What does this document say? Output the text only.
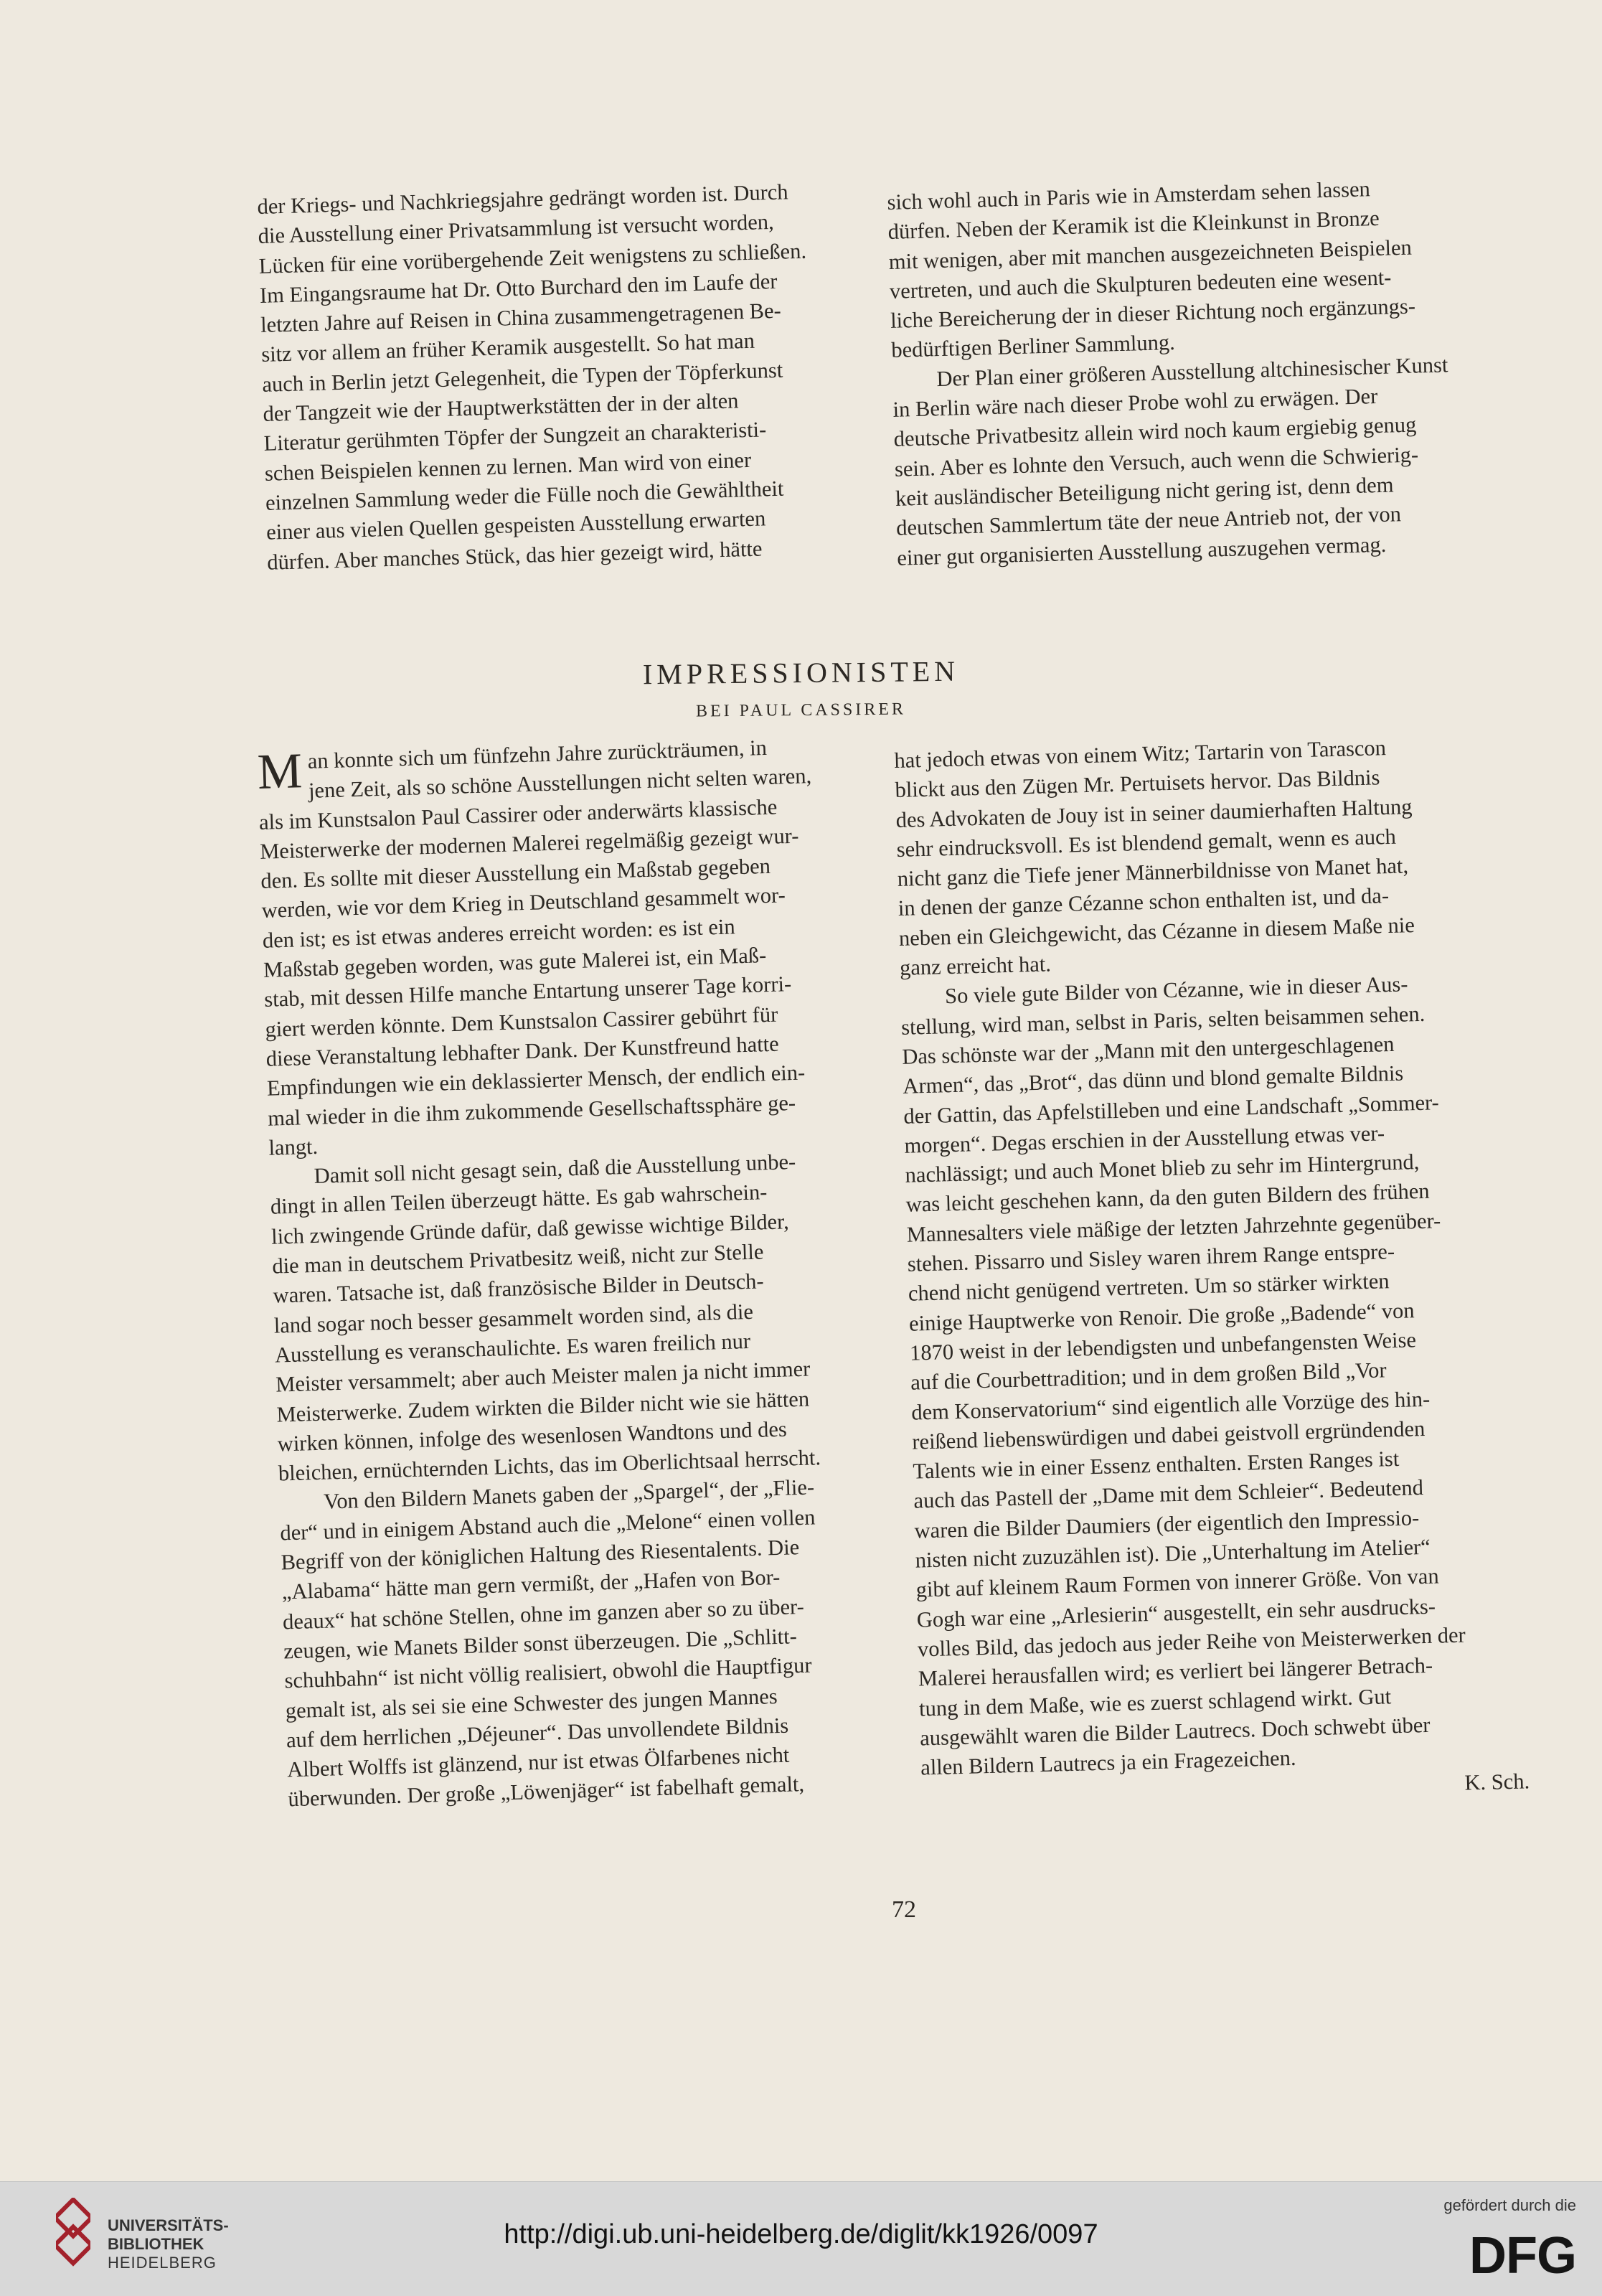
der Kriegs- und Nachkriegsjahre gedrängt worden ist. Durch
die Ausstellung einer Privatsammlung ist versucht worden,
Lücken für eine vorübergehende Zeit wenigstens zu schließen.
Im Eingangsraume hat Dr. Otto Burchard den im Laufe der
letzten Jahre auf Reisen in China zusammengetragenen Be-
sitz vor allem an früher Keramik ausgestellt. So hat man
auch in Berlin jetzt Gelegenheit, die Typen der Töpferkunst
der Tangzeit wie der Hauptwerkstätten der in der alten
Literatur gerühmten Töpfer der Sungzeit an charakteristi-
schen Beispielen kennen zu lernen. Man wird von einer
einzelnen Sammlung weder die Fülle noch die Gewähltheit
einer aus vielen Quellen gespeisten Ausstellung erwarten
dürfen. Aber manches Stück, das hier gezeigt wird, hätte

sich wohl auch in Paris wie in Amsterdam sehen lassen
dürfen. Neben der Keramik ist die Kleinkunst in Bronze
mit wenigen, aber mit manchen ausgezeichneten Beispielen
vertreten, und auch die Skulpturen bedeuten eine wesent-
liche Bereicherung der in dieser Richtung noch ergänzungs-
bedürftigen Berliner Sammlung.

Der Plan einer größeren Ausstellung altchinesischer Kunst
in Berlin wäre nach dieser Probe wohl zu erwägen. Der
deutsche Privatbesitz allein wird noch kaum ergiebig genug
sein. Aber es lohnte den Versuch, auch wenn die Schwierig-
keit ausländischer Beteiligung nicht gering ist, denn dem
deutschen Sammlertum täte der neue Antrieb not, der von
einer gut organisierten Ausstellung auszugehen vermag.

IMPRESSIONISTEN
BEI PAUL CASSIRER

Man konnte sich um fünfzehn Jahre zurückträumen, in
jene Zeit, als so schöne Ausstellungen nicht selten waren,
als im Kunstsalon Paul Cassirer oder anderwärts klassische
Meisterwerke der modernen Malerei regelmäßig gezeigt wur-
den. Es sollte mit dieser Ausstellung ein Maßstab gegeben
werden, wie vor dem Krieg in Deutschland gesammelt wor-
den ist; es ist etwas anderes erreicht worden: es ist ein
Maßstab gegeben worden, was gute Malerei ist, ein Maß-
stab, mit dessen Hilfe manche Entartung unserer Tage korri-
giert werden könnte. Dem Kunstsalon Cassirer gebührt für
diese Veranstaltung lebhafter Dank. Der Kunstfreund hatte
Empfindungen wie ein deklassierter Mensch, der endlich ein-
mal wieder in die ihm zukommende Gesellschaftssphäre ge-
langt.

Damit soll nicht gesagt sein, daß die Ausstellung unbe-
dingt in allen Teilen überzeugt hätte. Es gab wahrschein-
lich zwingende Gründe dafür, daß gewisse wichtige Bilder,
die man in deutschem Privatbesitz weiß, nicht zur Stelle
waren. Tatsache ist, daß französische Bilder in Deutsch-
land sogar noch besser gesammelt worden sind, als die
Ausstellung es veranschaulichte. Es waren freilich nur
Meister versammelt; aber auch Meister malen ja nicht immer
Meisterwerke. Zudem wirkten die Bilder nicht wie sie hätten
wirken können, infolge des wesenlosen Wandtons und des
bleichen, ernüchternden Lichts, das im Oberlichtsaal herrscht.

Von den Bildern Manets gaben der „Spargel“, der „Flie-
der“ und in einigem Abstand auch die „Melone“ einen vollen
Begriff von der königlichen Haltung des Riesentalents. Die
„Alabama“ hätte man gern vermißt, der „Hafen von Bor-
deaux“ hat schöne Stellen, ohne im ganzen aber so zu über-
zeugen, wie Manets Bilder sonst überzeugen. Die „Schlitt-
schuhbahn“ ist nicht völlig realisiert, obwohl die Hauptfigur
gemalt ist, als sei sie eine Schwester des jungen Mannes
auf dem herrlichen „Déjeuner“. Das unvollendete Bildnis
Albert Wolffs ist glänzend, nur ist etwas Ölfarbenes nicht
überwunden. Der große „Löwenjäger“ ist fabelhaft gemalt,

hat jedoch etwas von einem Witz; Tartarin von Tarascon
blickt aus den Zügen Mr. Pertuisets hervor. Das Bildnis
des Advokaten de Jouy ist in seiner daumierhaften Haltung
sehr eindrucksvoll. Es ist blendend gemalt, wenn es auch
nicht ganz die Tiefe jener Männerbildnisse von Manet hat,
in denen der ganze Cézanne schon enthalten ist, und da-
neben ein Gleichgewicht, das Cézanne in diesem Maße nie
ganz erreicht hat.

So viele gute Bilder von Cézanne, wie in dieser Aus-
stellung, wird man, selbst in Paris, selten beisammen sehen.
Das schönste war der „Mann mit den untergeschlagenen
Armen“, das „Brot“, das dünn und blond gemalte Bildnis
der Gattin, das Apfelstilleben und eine Landschaft „Sommer-
morgen“. Degas erschien in der Ausstellung etwas ver-
nachlässigt; und auch Monet blieb zu sehr im Hintergrund,
was leicht geschehen kann, da den guten Bildern des frühen
Mannesalters viele mäßige der letzten Jahrzehnte gegenüber-
stehen. Pissarro und Sisley waren ihrem Range entspre-
chend nicht genügend vertreten. Um so stärker wirkten
einige Hauptwerke von Renoir. Die große „Badende“ von
1870 weist in der lebendigsten und unbefangensten Weise
auf die Courbettradition; und in dem großen Bild „Vor
dem Konservatorium“ sind eigentlich alle Vorzüge des hin-
reißend liebenswürdigen und dabei geistvoll ergründenden
Talents wie in einer Essenz enthalten. Ersten Ranges ist
auch das Pastell der „Dame mit dem Schleier“. Bedeutend
waren die Bilder Daumiers (der eigentlich den Impressio-
nisten nicht zuzuzählen ist). Die „Unterhaltung im Atelier“
gibt auf kleinem Raum Formen von innerer Größe. Von van
Gogh war eine „Arlesierin“ ausgestellt, ein sehr ausdrucks-
volles Bild, das jedoch aus jeder Reihe von Meisterwerken der
Malerei herausfallen wird; es verliert bei längerer Betrach-
tung in dem Maße, wie es zuerst schlagend wirkt. Gut
ausgewählt waren die Bilder Lautrecs. Doch schwebt über
allen Bildern Lautrecs ja ein Fragezeichen.

K. Sch.

72
UNIVERSITÄTS-
BIBLIOTHEK
HEIDELBERG
http://digi.ub.uni-heidelberg.de/diglit/kk1926/0097
gefördert durch die
DFG
